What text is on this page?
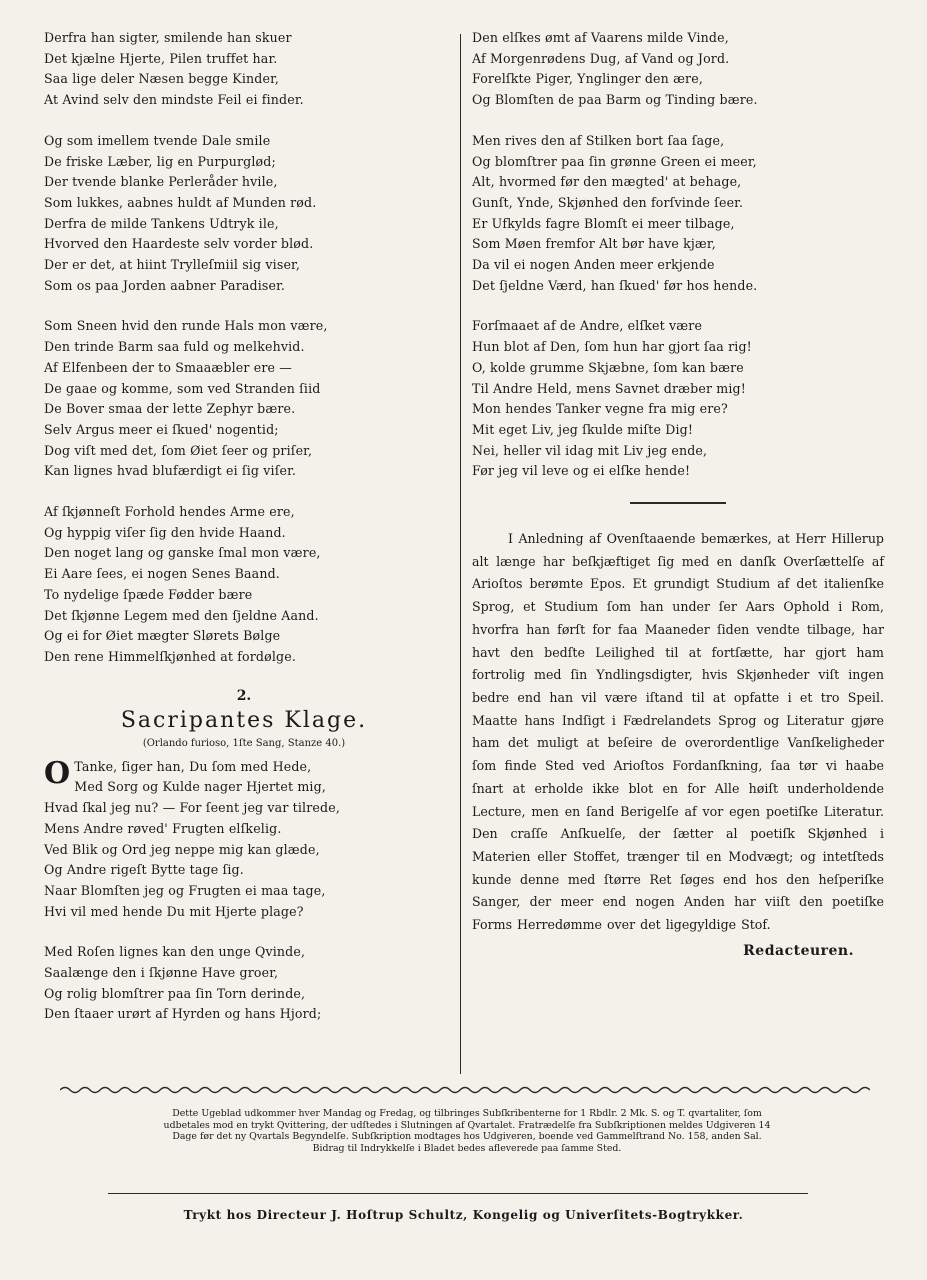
Derfra han sigter, smilende han skuer
Det kjælne Hjerte, Pilen truffet har.
Saa lige deler Næsen begge Kinder,
At Avind selv den mindste Feil ei finder.
Og som imellem tvende Dale smile
De friske Læber, lig en Purpurglød;
Der tvende blanke Perleråder hvile,
Som lukkes, aabnes huldt af Munden rød.
Derfra de milde Tankens Udtryk ile,
Hvorved den Haardeste selv vorder blød.
Der er det, at hiint Trylleſmiil sig viser,
Som os paa Jorden aabner Paradiser.
Som Sneen hvid den runde Hals mon være,
Den trinde Barm saa fuld og melkehvid.
Af Elfenbeen der to Smaaæbler ere —
De gaae og komme, som ved Stranden ſiid
De Bover smaa der lette Zephyr bære.
Selv Argus meer ei ſkued' nogentid;
Dog viſt med det, ſom Øiet ſeer og priſer,
Kan lignes hvad blufærdigt ei ſig viſer.
Af ſkjønneſt Forhold hendes Arme ere,
Og hyppig viſer ſig den hvide Haand.
Den noget lang og ganske ſmal mon være,
Ei Aare ſees, ei nogen Senes Baand.
To nydelige ſpæde Fødder bære
Det ſkjønne Legem med den ſjeldne Aand.
Og ei for Øiet mægter Slørets Bølge
Den rene Himmelſkjønhed at fordølge.
2.
Sacripantes Klage.
(Orlando furioso, 1ſte Sang, Stanze 40.)
O Tanke, ſiger han, Du ſom med Hede,
Med Sorg og Kulde nager Hjertet mig,
Hvad ſkal jeg nu? — For ſeent jeg var tilrede,
Mens Andre røved' Frugten elſkelig.
Ved Blik og Ord jeg neppe mig kan glæde,
Og Andre rigeſt Bytte tage ſig.
Naar Blomſten jeg og Frugten ei maa tage,
Hvi vil med hende Du mit Hjerte plage?
Med Roſen lignes kan den unge Qvinde,
Saalænge den i ſkjønne Have groer,
Og rolig blomſtrer paa ſin Torn derinde,
Den ſtaaer urørt af Hyrden og hans Hjord;
Den elſkes ømt af Vaarens milde Vinde,
Af Morgenrødens Dug, af Vand og Jord.
Forelſkte Piger, Ynglinger den ære,
Og Blomſten de paa Barm og Tinding bære.
Men rives den af Stilken bort ſaa ſage,
Og blomſtrer paa ſin grønne Green ei meer,
Alt, hvormed før den mægted' at behage,
Gunſt, Ynde, Skjønhed den forſvinde ſeer.
Er Ufkylds fagre Blomſt ei meer tilbage,
Som Møen fremfor Alt bør have kjær,
Da vil ei nogen Anden meer erkjende
Det ſjeldne Værd, han ſkued' før hos hende.
Forſmaaet af de Andre, elſket være
Hun blot af Den, ſom hun har gjort ſaa rig!
O, kolde grumme Skjæbne, ſom kan bære
Til Andre Held, mens Savnet dræber mig!
Mon hendes Tanker vegne fra mig ere?
Mit eget Liv, jeg ſkulde miſte Dig!
Nei, heller vil idag mit Liv jeg ende,
Før jeg vil leve og ei elſke hende!

I Anledning af Ovenſtaaende bemærkes, at Herr Hillerup alt længe har beſkjæftiget ſig med en danſk Overſættelſe af Arioſtos berømte Epos. Et grundigt Studium af det italienſke Sprog, et Studium ſom han under ſer Aars Ophold i Rom, hvorfra han førſt for faa Maaneder ſiden vendte tilbage, har havt den bedſte Leilighed til at fortſætte, har gjort ham fortrolig med ſin Yndlingsdigter, hvis Skjønheder viſt ingen bedre end han vil være iſtand til at opfatte i et tro Speil. Maatte hans Indſigt i Fædrelandets Sprog og Literatur gjøre ham det muligt at beſeire de overordentlige Vanſkeligheder ſom finde Sted ved Arioſtos Fordanſkning, ſaa tør vi haabe ſnart at erholde ikke blot en for Alle høiſt underholdende Lecture, men en ſand Berigelſe af vor egen poetiſke Literatur. Den craſſe Anſkuelſe, der ſætter al poetiſk Skjønhed i Materien eller Stoffet, trænger til en Modvægt; og intetſteds kunde denne med ſtørre Ret ſøges end hos den heſperiſke Sanger, der meer end nogen Anden har viiſt den poetiſke Forms Herredømme over det ligegyldige Stof.

Redacteuren.
Dette Ugeblad udkommer hver Mandag og Fredag, og tilbringes Subſkribenterne for 1 Rbdlr. 2 Mk. S. og T. qvartaliter, ſom
udbetales mod en trykt Qvittering, der udſtedes i Slutningen af Qvartalet. Fratrædelſe fra Subſkriptionen meldes Udgiveren 14
Dage før det ny Qvartals Begyndelſe. Subſkription modtages hos Udgiveren, boende ved Gammelſtrand No. 158, anden Sal.
Bidrag til Indrykkelſe i Bladet bedes afleverede paa ſamme Sted.
Trykt hos Directeur J. Hoſtrup Schultz, Kongelig og Univerſitets-Bogtrykker.
